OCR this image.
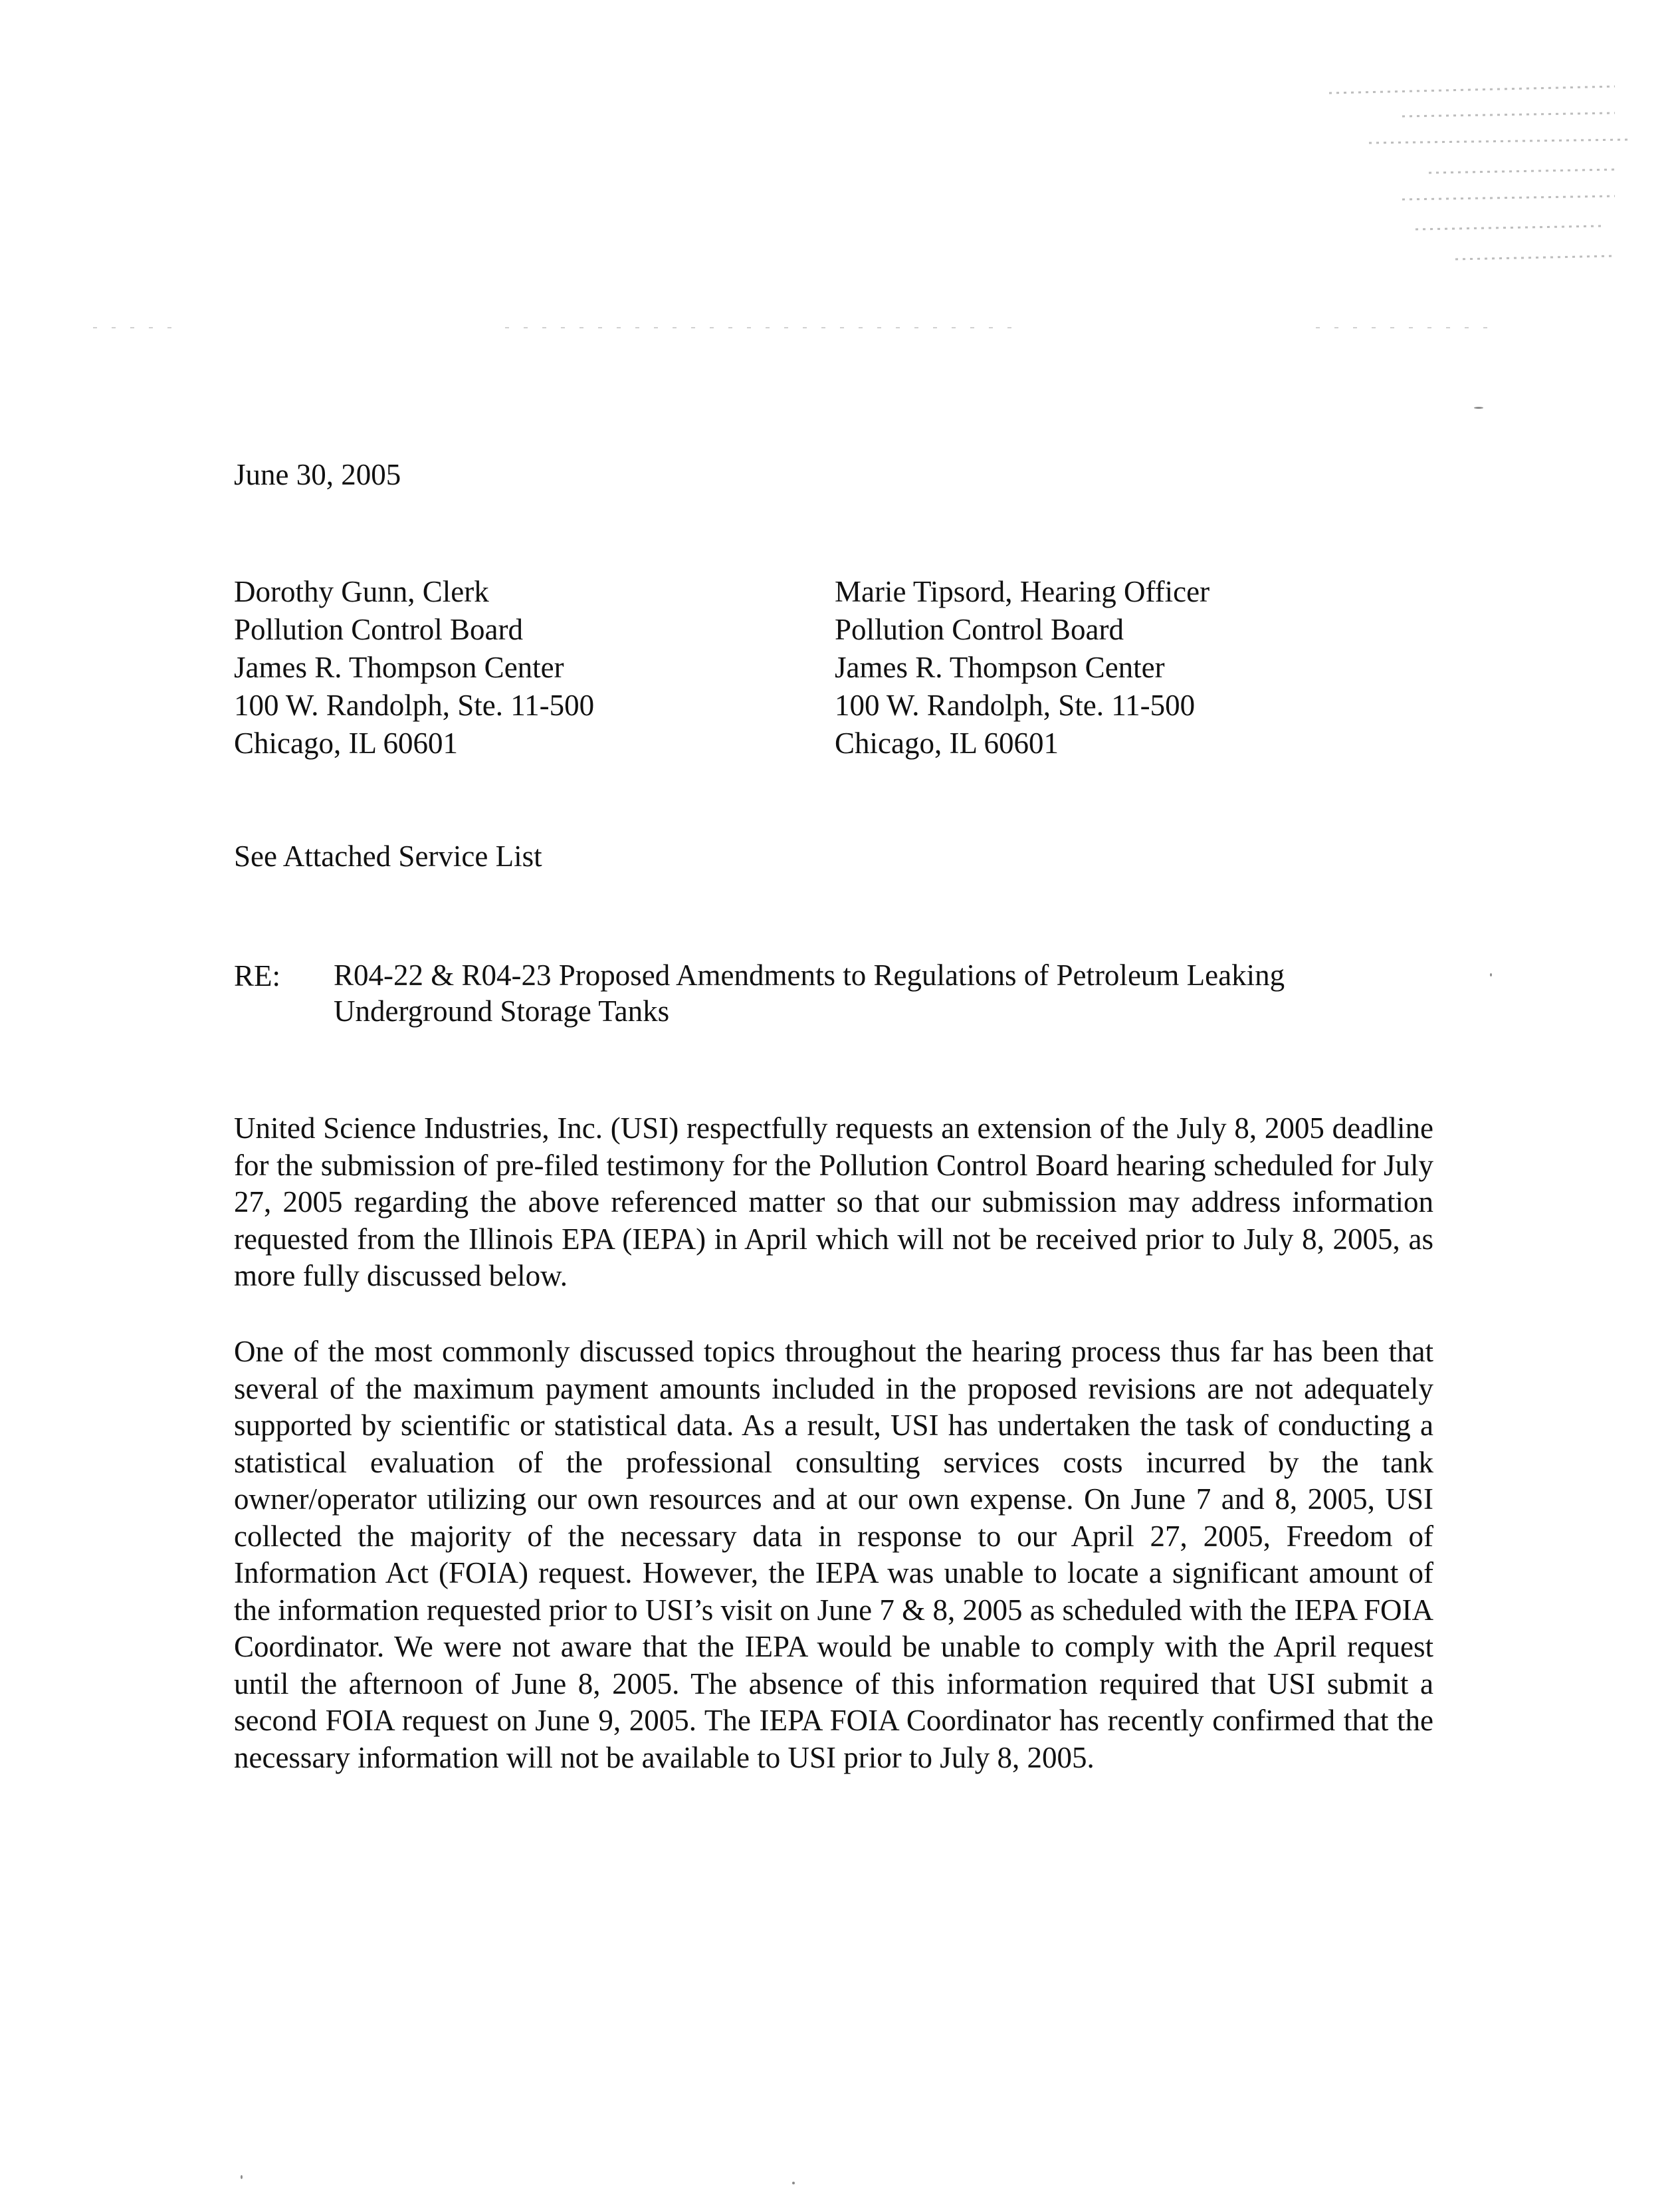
June 30, 2005
Dorothy Gunn, Clerk
Pollution Control Board
James R. Thompson Center
100 W. Randolph, Ste. 11-500
Chicago, IL 60601
Marie Tipsord, Hearing Officer
Pollution Control Board
James R. Thompson Center
100 W. Randolph, Ste. 11-500
Chicago, IL 60601
See Attached Service List
RE: R04-22 & R04-23 Proposed Amendments to Regulations of Petroleum Leaking Underground Storage Tanks
United Science Industries, Inc. (USI) respectfully requests an extension of the July 8, 2005 deadline for the submission of pre-filed testimony for the Pollution Control Board hearing scheduled for July 27, 2005 regarding the above referenced matter so that our submission may address information requested from the Illinois EPA (IEPA) in April which will not be received prior to July 8, 2005, as more fully discussed below.
One of the most commonly discussed topics throughout the hearing process thus far has been that several of the maximum payment amounts included in the proposed revisions are not adequately supported by scientific or statistical data. As a result, USI has undertaken the task of conducting a statistical evaluation of the professional consulting services costs incurred by the tank owner/operator utilizing our own resources and at our own expense. On June 7 and 8, 2005, USI collected the majority of the necessary data in response to our April 27, 2005, Freedom of Information Act (FOIA) request. However, the IEPA was unable to locate a significant amount of the information requested prior to USI’s visit on June 7 & 8, 2005 as scheduled with the IEPA FOIA Coordinator. We were not aware that the IEPA would be unable to comply with the April request until the afternoon of June 8, 2005. The absence of this information required that USI submit a second FOIA request on June 9, 2005. The IEPA FOIA Coordinator has recently confirmed that the necessary information will not be available to USI prior to July 8, 2005.
